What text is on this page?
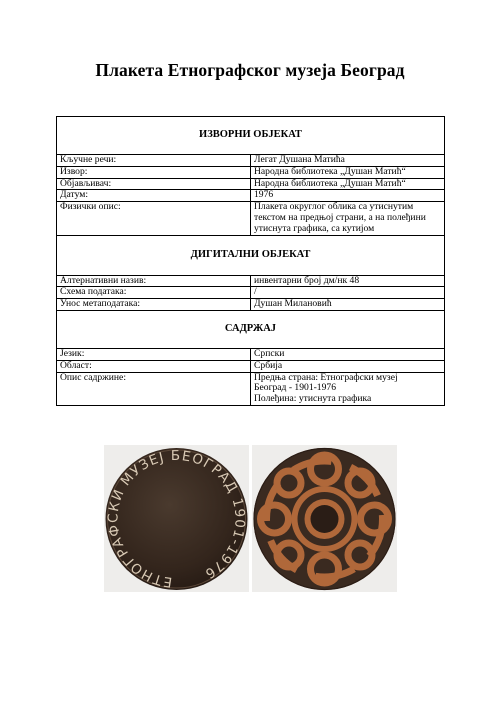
Плакета Етнографског музеја Београд
ИЗВОРНИ ОБЈЕКАТ	
Кључне речи:	Легат Душана Матића
Извор:	Народна библиотека „Душан Матић“
Објављивач:	Народна библиотека „Душан Матић“
Датум:	1976
Физички опис:	Плакета округлог облика са утиснутим текстом на предњој страни, а на полеђини утиснута графика, са кутијом
ДИГИТАЛНИ ОБЈЕКАТ	
Алтернативни назив:	инвентарни број дм/нк 48
Схема података:	/
Унос метаподатака:	Душан Милановић
САДРЖАЈ	
Језик:	Српски
Област:	Србија
Опис садржине:	Предња страна: Етнографски музеј
Београд - 1901-1976
Полеђина: утиснута графика
ЕТНОГРАФСКИ МУЗЕЈ БЕОГРАД 1901-1976
